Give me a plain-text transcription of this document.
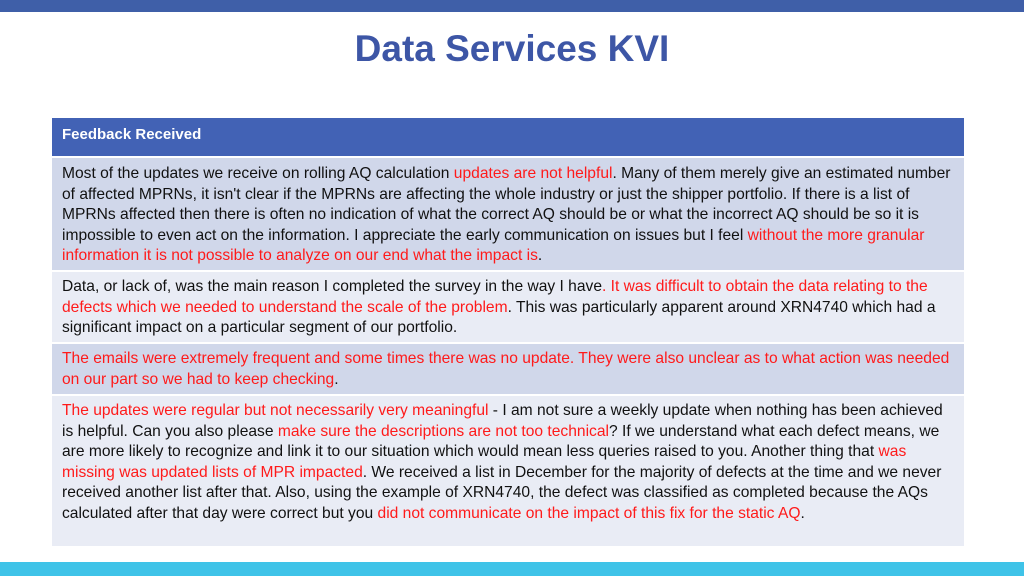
Data Services KVI
Feedback Received
Most of the updates we receive on rolling AQ calculation updates are not helpful. Many of them merely give an estimated number of affected MPRNs, it isn't clear if the MPRNs are affecting the whole industry or just the shipper portfolio. If there is a list of MPRNs affected then there is often no indication of what the correct AQ should be or what the incorrect AQ should be so it is impossible to even act on the information. I appreciate the early communication on issues but I feel without the more granular information it is not possible to analyze on our end what the impact is.
Data, or lack of, was the main reason I completed the survey in the way I have. It was difficult to obtain the data relating to the defects which we needed to understand the scale of the problem. This was particularly apparent around XRN4740 which had a significant impact on a particular segment of our portfolio.
The emails were extremely frequent and some times there was no update. They were also unclear as to what action was needed on our part so we had to keep checking.
The updates were regular but not necessarily very meaningful - I am not sure a weekly update when nothing has been achieved is helpful. Can you also please make sure the descriptions are not too technical? If we understand what each defect means, we are more likely to recognize and link it to our situation which would mean less queries raised to you. Another thing that was missing was updated lists of MPR impacted. We received a list in December for the majority of defects at the time and we never received another list after that. Also, using the example of XRN4740, the defect was classified as completed because the AQs calculated after that day were correct but you did not communicate on the impact of this fix for the static AQ.
